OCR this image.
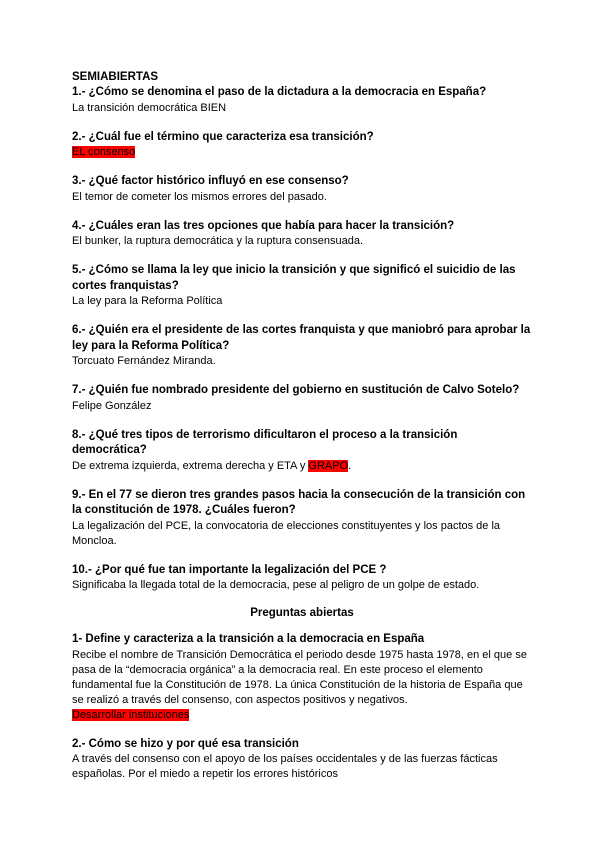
SEMIABIERTAS

1.- ¿Cómo se denomina el paso de la dictadura a la democracia en España?

La transición democrática BIEN

2.- ¿Cuál fue el término que caracteriza esa transición?

EL consenso

3.- ¿Qué factor histórico influyó en ese consenso?

El temor de cometer los mismos errores del pasado.

4.- ¿Cuáles eran las tres opciones que había para hacer la transición?

El bunker, la ruptura democrática y la ruptura consensuada.

5.- ¿Cómo se llama la ley que inicio la transición y que significó el suicidio de las cortes franquistas?

La ley para la Reforma Política

6.- ¿Quién era el presidente de las cortes franquista y que maniobró para aprobar la ley para la Reforma Política?

Torcuato Fernández Miranda.

7.- ¿Quién fue nombrado presidente del gobierno en sustitución de Calvo Sotelo?

Felipe González

8.- ¿Qué tres tipos de terrorismo dificultaron el proceso a la transición democrática?

De extrema izquierda, extrema derecha y ETA y GRAPO.

9.- En el 77 se dieron tres grandes pasos hacia la consecución de la transición con la constitución de 1978. ¿Cuáles fueron?

La legalización del PCE, la convocatoria de elecciones constituyentes y los pactos de la Moncloa.

10.- ¿Por qué fue tan importante la legalización del PCE ?

Significaba la llegada total de la democracia, pese al peligro de un golpe de estado.

Preguntas abiertas

1- Define y caracteriza a la transición a la democracia en España

Recibe el nombre de Transición Democrática el periodo desde 1975 hasta 1978, en el que se pasa de la “democracia orgánica” a la democracia real. En este proceso el elemento fundamental fue la Constitución de 1978. La única Constitución de la historia de España que se realizó a través del consenso, con aspectos positivos y negativos.

Desarrollar instituciones

2.- Cómo se hizo y por qué esa transición

A través del consenso con el apoyo de los países occidentales y de las fuerzas fácticas españolas. Por el miedo a repetir los errores históricos
